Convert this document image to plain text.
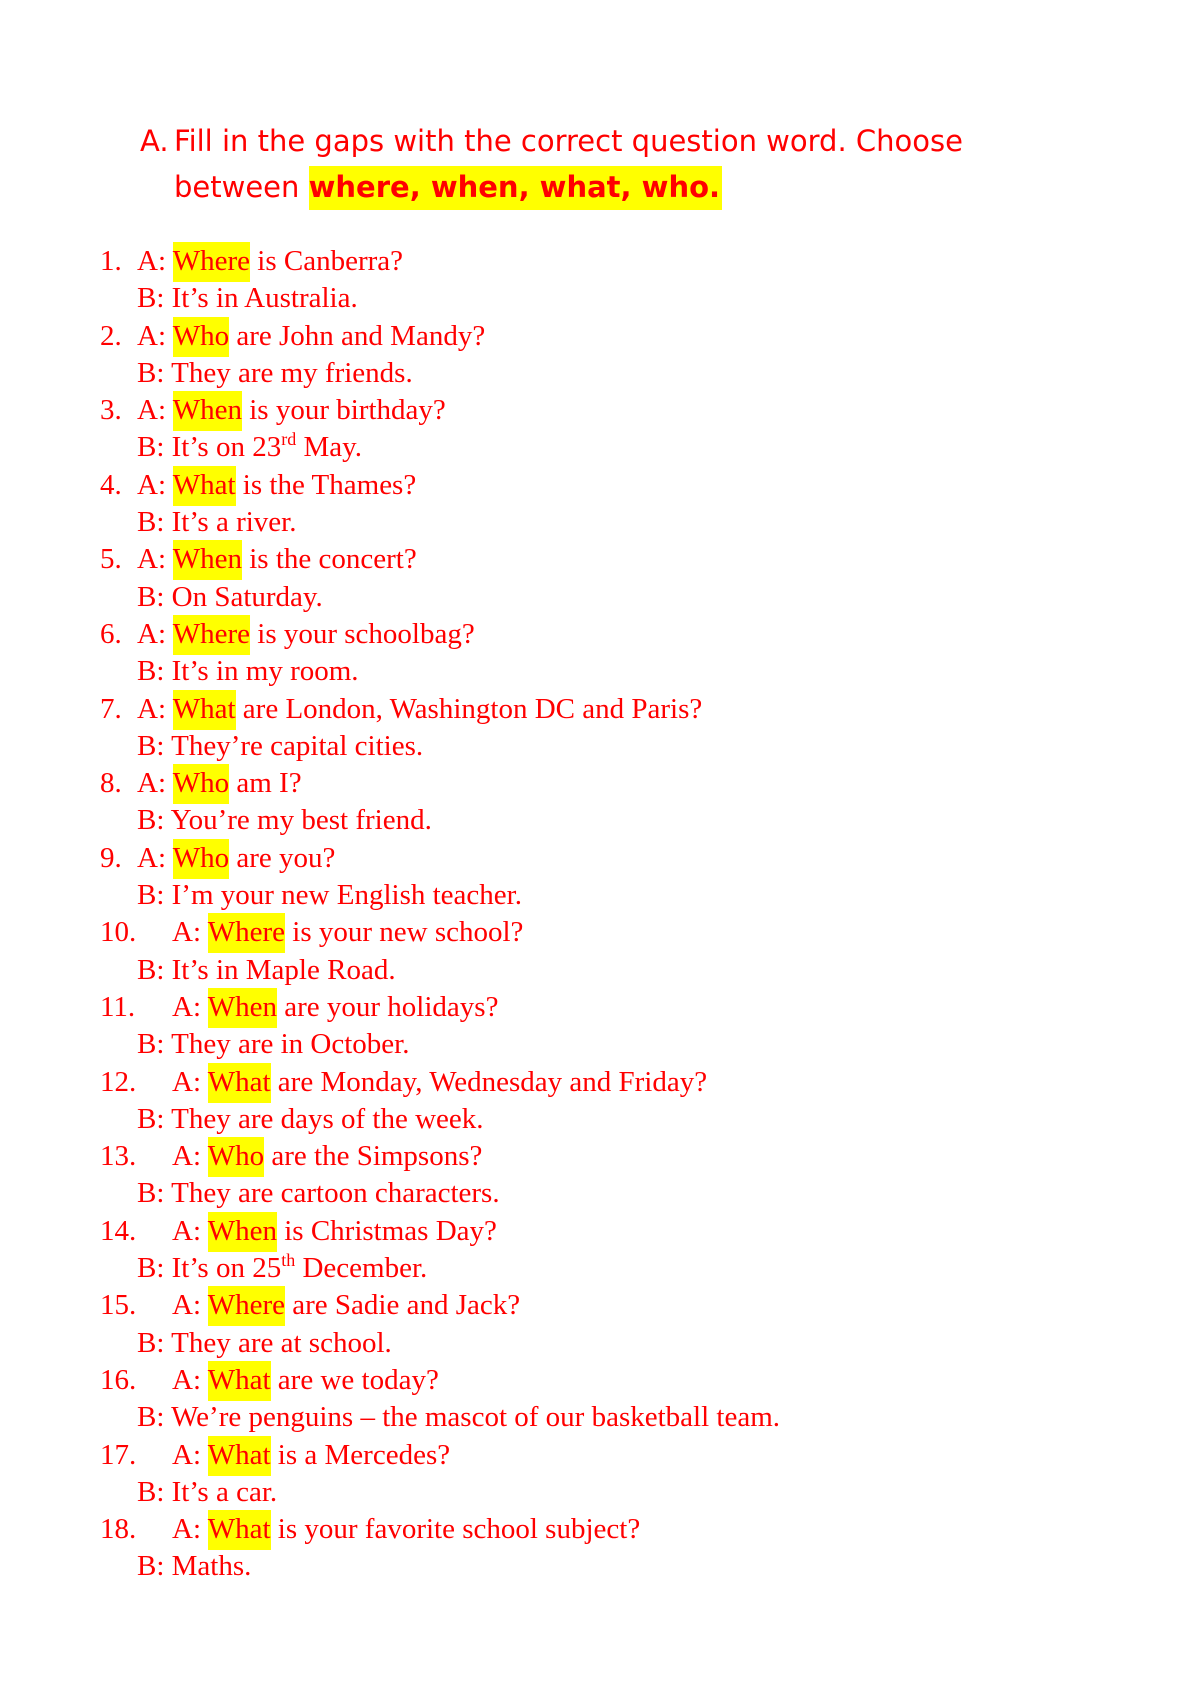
A. Fill in the gaps with the correct question word. Choose
between where, when, what, who.
1. A: Where is Canberra?
B: It’s in Australia.
2. A: Who are John and Mandy?
B: They are my friends.
3. A: When is your birthday?
B: It’s on 23rd May.
4. A: What is the Thames?
B: It’s a river.
5. A: When is the concert?
B: On Saturday.
6. A: Where is your schoolbag?
B: It’s in my room.
7. A: What are London, Washington DC and Paris?
B: They’re capital cities.
8. A: Who am I?
B: You’re my best friend.
9. A: Who are you?
B: I’m your new English teacher.
10. A: Where is your new school?
B: It’s in Maple Road.
11. A: When are your holidays?
B: They are in October.
12. A: What are Monday, Wednesday and Friday?
B: They are days of the week.
13. A: Who are the Simpsons?
B: They are cartoon characters.
14. A: When is Christmas Day?
B: It’s on 25th December.
15. A: Where are Sadie and Jack?
B: They are at school.
16. A: What are we today?
B: We’re penguins – the mascot of our basketball team.
17. A: What is a Mercedes?
B: It’s a car.
18. A: What is your favorite school subject?
B: Maths.
